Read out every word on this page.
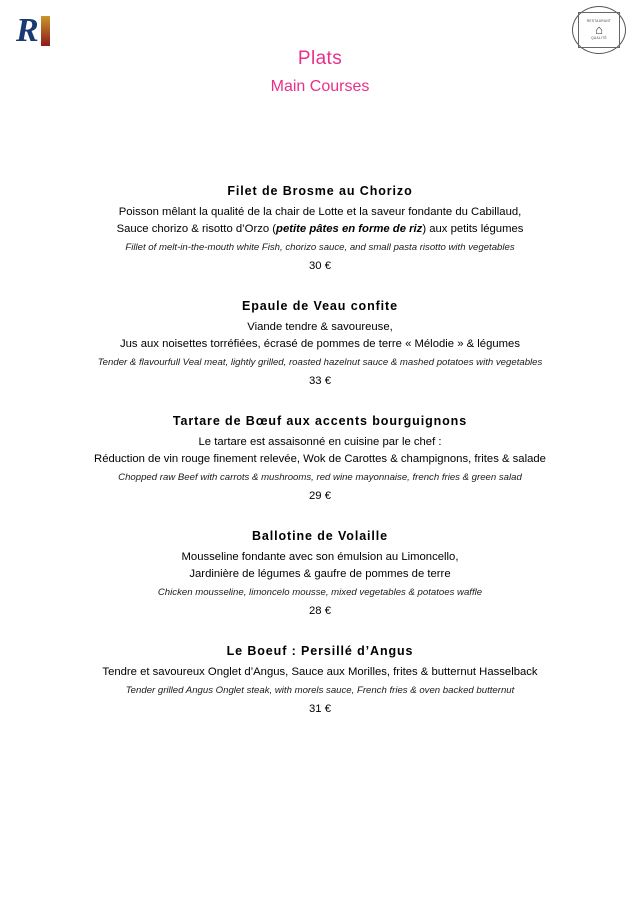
R	RESTAURANT
⌂
QUALITÉ
Plats
Main Courses
Filet de Brosme au Chorizo
Poisson mêlant la qualité de la chair de Lotte et la saveur fondante du Cabillaud,
Sauce chorizo & risotto d’Orzo (petite pâtes en forme de riz) aux petits légumes
Fillet of melt-in-the-mouth white Fish, chorizo sauce, and small pasta risotto with vegetables
30 €
Epaule de Veau confite
Viande tendre & savoureuse,
Jus aux noisettes torréfiées, écrasé de pommes de terre « Mélodie » & légumes
Tender & flavourfull Veal meat, lightly grilled, roasted hazelnut sauce & mashed potatoes with vegetables
33 €
Tartare de Bœuf aux accents bourguignons
Le tartare est assaisonné en cuisine par le chef :
Réduction de vin rouge finement relevée, Wok de Carottes & champignons, frites & salade
Chopped raw Beef with carrots & mushrooms, red wine mayonnaise, french fries & green salad
29 €
Ballotine de Volaille
Mousseline fondante avec son émulsion au Limoncello,
Jardinière de légumes & gaufre de pommes de terre
Chicken mousseline, limoncelo mousse, mixed vegetables & potatoes waffle
28 €
Le Boeuf : Persillé d’Angus
Tendre et savoureux Onglet d’Angus, Sauce aux Morilles, frites & butternut Hasselback
Tender grilled Angus Onglet steak, with morels sauce, French fries & oven backed butternut
31 €
